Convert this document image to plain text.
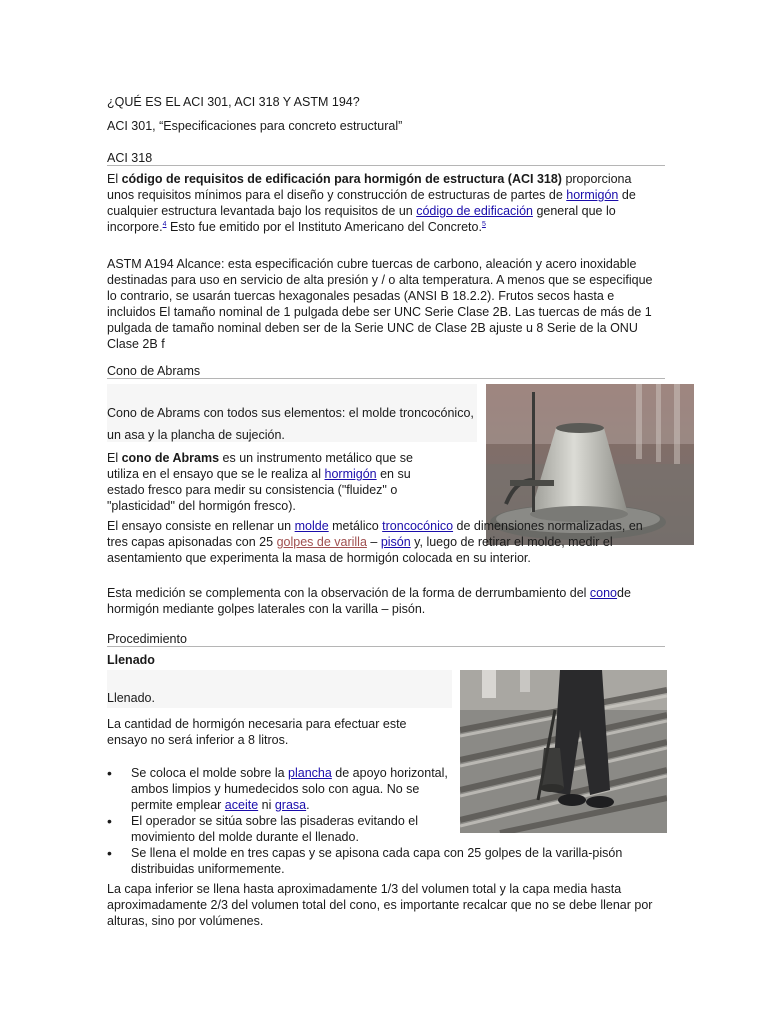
¿QUÉ ES EL ACI 301, ACI 318 Y ASTM 194?
ACI 301, “Especificaciones para concreto estructural”
ACI 318
El código de requisitos de edificación para hormigón de estructura (ACI 318) proporciona unos requisitos mínimos para el diseño y construcción de estructuras de partes de hormigón de cualquier estructura levantada bajo los requisitos de un código de edificación general que lo incorpore.$^4$ Esto fue emitido por el Instituto Americano del Concreto.$^5$
ASTM A194 Alcance: esta especificación cubre tuercas de carbono, aleación y acero inoxidable destinadas para uso en servicio de alta presión y / o alta temperatura. A menos que se especifique lo contrario, se usarán tuercas hexagonales pesadas (ANSI B 18.2.2). Frutos secos hasta e incluidos El tamaño nominal de 1 pulgada debe ser UNC Serie Clase 2B. Las tuercas de más de 1 pulgada de tamaño nominal deben ser de la Serie UNC de Clase 2B ajuste u 8 Serie de la ONU Clase 2B f
Cono de Abrams
Cono de Abrams con todos sus elementos: el molde troncocónico, un asa y la plancha de sujeción.
El cono de Abrams es un instrumento metálico que se utiliza en el ensayo que se le realiza al hormigón en su estado fresco para medir su consistencia ("fluidez" o "plasticidad" del hormigón fresco).
El ensayo consiste en rellenar un molde metálico troncocónico de dimensiones normalizadas, en tres capas apisonadas con 25 golpes de varilla – pisón y, luego de retirar el molde, medir el asentamiento que experimenta la masa de hormigón colocada en su interior.
Esta medición se complementa con la observación de la forma de derrumbamiento del conode hormigón mediante golpes laterales con la varilla – pisón.
Procedimiento
Llenado
Llenado.
La cantidad de hormigón necesaria para efectuar este ensayo no será inferior a 8 litros.
• Se coloca el molde sobre la plancha de apoyo horizontal, ambos limpios y humedecidos solo con agua. No se permite emplear aceite ni grasa.
• El operador se sitúa sobre las pisaderas evitando el movimiento del molde durante el llenado.
• Se llena el molde en tres capas y se apisona cada capa con 25 golpes de la varilla-pisón distribuidas uniformemente.
La capa inferior se llena hasta aproximadamente 1/3 del volumen total y la capa media hasta aproximadamente 2/3 del volumen total del cono, es importante recalcar que no se debe llenar por alturas, sino por volúmenes.
